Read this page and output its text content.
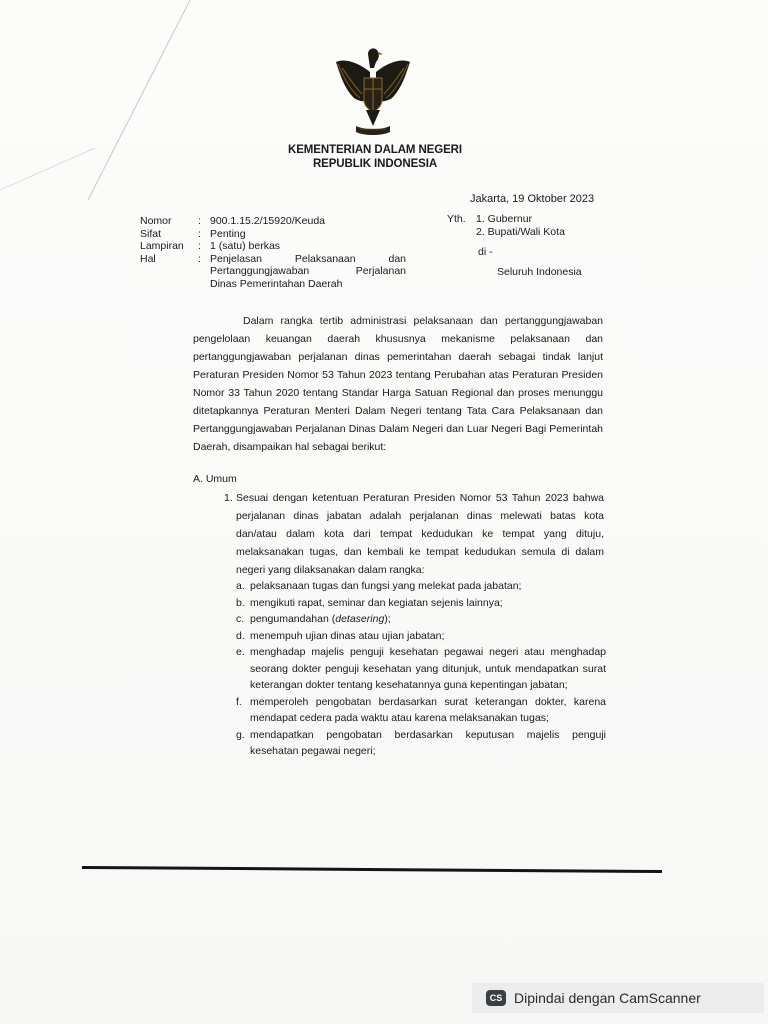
KEMENTERIAN DALAM NEGERI
REPUBLIK INDONESIA
Jakarta, 19 Oktober 2023
Nomor	: 900.1.15.2/15920/Keuda
Sifat	: Penting
Lampiran	: 1 (satu) berkas
Hal	: Penjelasan Pelaksanaan dan Pertanggungjawaban Perjalanan
Dinas Pemerintahan Daerah
Yth. 1. Gubernur
2. Bupati/Wali Kota
di -
Seluruh Indonesia
Dalam rangka tertib administrasi pelaksanaan dan pertanggungjawaban pengelolaan keuangan daerah khususnya mekanisme pelaksanaan dan pertanggungjawaban perjalanan dinas pemerintahan daerah sebagai tindak lanjut Peraturan Presiden Nomor 53 Tahun 2023 tentang Perubahan atas Peraturan Presiden Nomor 33 Tahun 2020 tentang Standar Harga Satuan Regional dan proses menunggu ditetapkannya Peraturan Menteri Dalam Negeri tentang Tata Cara Pelaksanaan dan Pertanggungjawaban Perjalanan Dinas Dalam Negeri dan Luar Negeri Bagi Pemerintah Daerah, disampaikan hal sebagai berikut:
A. Umum
1. Sesuai dengan ketentuan Peraturan Presiden Nomor 53 Tahun 2023 bahwa perjalanan dinas jabatan adalah perjalanan dinas melewati batas kota dan/atau dalam kota dari tempat kedudukan ke tempat yang dituju, melaksanakan tugas, dan kembali ke tempat kedudukan semula di dalam negeri yang dilaksanakan dalam rangka:
a. pelaksanaan tugas dan fungsi yang melekat pada jabatan;
b. mengikuti rapat, seminar dan kegiatan sejenis lainnya;
c. pengumandahan (detasering);
d. menempuh ujian dinas atau ujian jabatan;
e. menghadap majelis penguji kesehatan pegawai negeri atau menghadap seorang dokter penguji kesehatan yang ditunjuk, untuk mendapatkan surat keterangan dokter tentang kesehatannya guna kepentingan jabatan;
f. memperoleh pengobatan berdasarkan surat keterangan dokter, karena mendapat cedera pada waktu atau karena melaksanakan tugas;
g. mendapatkan pengobatan berdasarkan keputusan majelis penguji kesehatan pegawai negeri;
CS Dipindai dengan CamScanner
